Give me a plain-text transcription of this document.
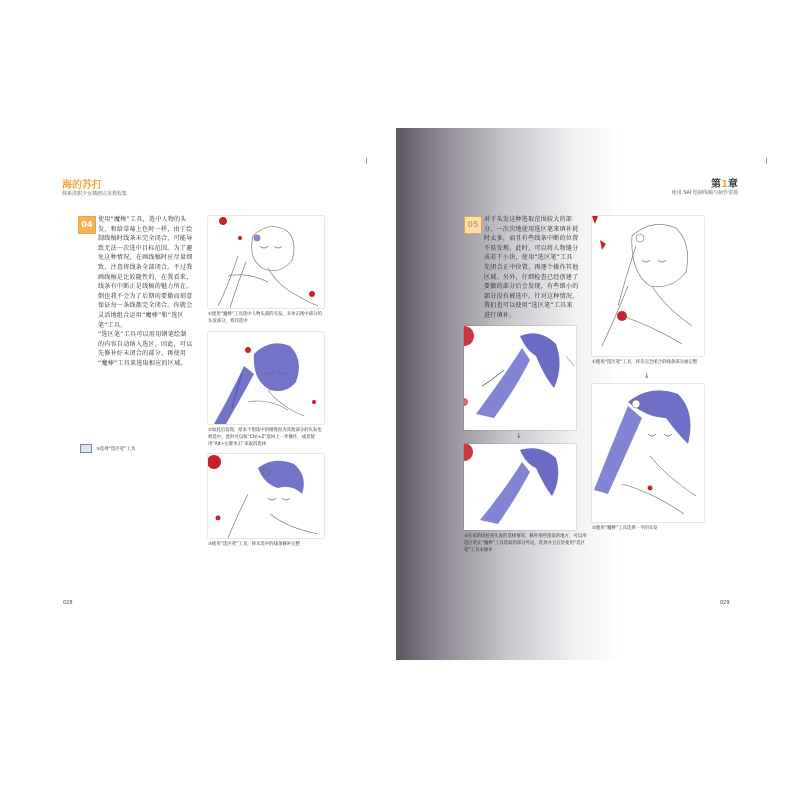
海的苏打
韩系清甜少女插画完美教程集
04
使用“魔棒”工具，选中人物的头
发，和给草莓上色时一样，由于绘
制线稿时线条未完全闭合，可能导
致无法一次选中目标范围。为了避
免这种情况，在画线稿时应尽量细
致，注意将线条全部闭合。不过我
画线稿是比较随性的，在我看来，
线条有中断正是线稿的魅力所在。
倒也我不会为了后期的要撤而刻意
保证每一条线都完全闭合。你就会
灵活地组合运用“魔棒”和“选区
笔”工具。
“选区笔”工具可以用用钢笔绘制
的内容自动纳入选区。因此，可以
先修补好未闭合的部分，再使用
“魔棒”工具来选取相应的区域。
③选择“选区笔”工具
①使用“魔棒”工具选中人物头部的头发，未单击图中部分的头发部分，将其选中
②如此后发现，原本不想选中的细缝因为其他部分的头发也被选中，此时可以按“Ctrl+Z”返回上一步操作，或者使用“Alt+左键单击”来取消选择
③使用“选区笔”工具，将未选中的线条修补完整
028
第1章
使用 SAI 绘制线稿与制作要描
05
对于头发这种选取范围较大的部
分，一次次地使用选区笔来填补耗
时太多，而且有些线条中断的位置
不易发现。此时，可以将人物缝分
成若干小块，使用“选区笔”工具
先闭合正中位置，再逐个操作其他
区域。另外，仔细检查已经创建了
要撤的部分后会发现，有些细小的
部分没有被选中。针对这种情况，
我们也可以使用“选区笔”工具来
进行填补。
↓
③在本阶段检查头发的选择情况，修补那些遗落的地方，可以用选区笔在“魔棒”工具选取的部分外边，选择并且在处使用“选区笔”工具来修补
①使用“选区笔”工具，将未完全闭合的线条部分画完整
↓
②使用“魔棒”工具选择一半的头发
029
